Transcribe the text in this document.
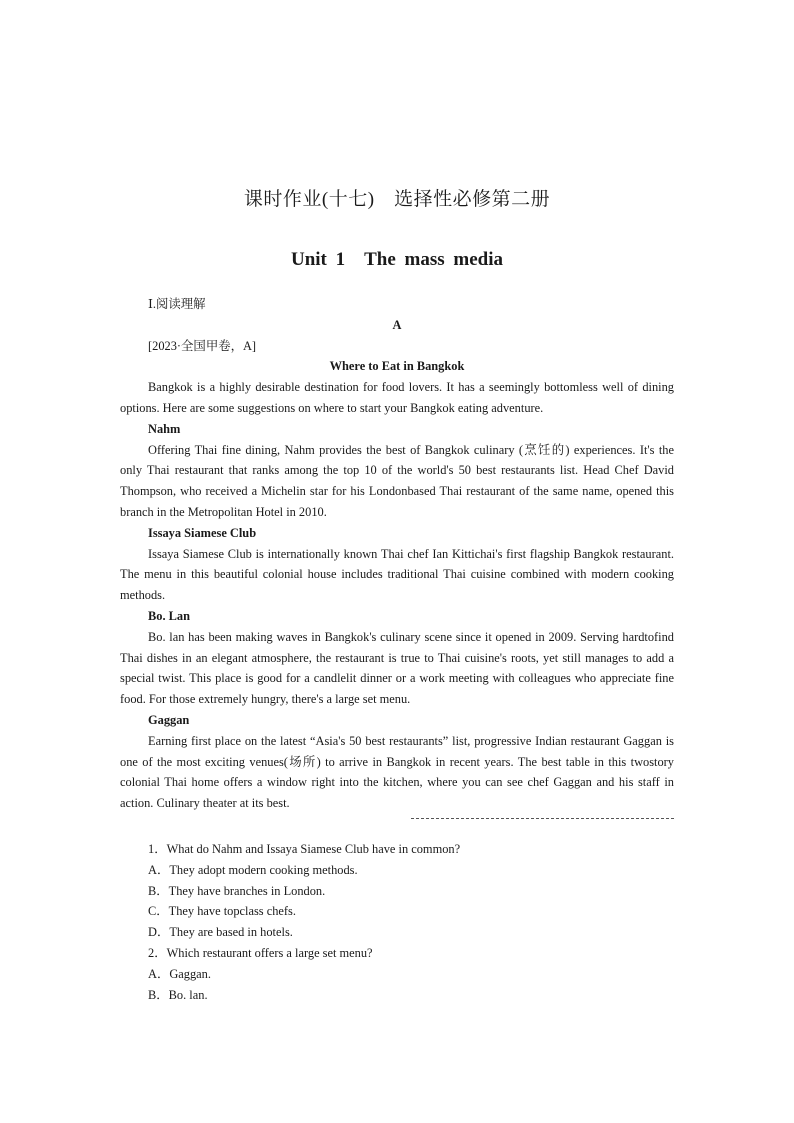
课时作业(十七)　选择性必修第二册
Unit 1　The mass media
Ⅰ.阅读理解
A
[2023·全国甲卷，A]
Where to Eat in Bangkok
Bangkok is a highly desirable destination for food lovers. It has a seemingly bottomless well of dining options. Here are some suggestions on where to start your Bangkok eating adventure.
Nahm
Offering Thai fine dining, Nahm provides the best of Bangkok culinary (烹饪的) experiences. It's the only Thai restaurant that ranks among the top 10 of the world's 50 best restaurants list. Head Chef David Thompson, who received a Michelin star for his Londonbased Thai restaurant of the same name, opened this branch in the Metropolitan Hotel in 2010.
Issaya Siamese Club
Issaya Siamese Club is internationally known Thai chef Ian Kittichai's first flagship Bangkok restaurant. The menu in this beautiful colonial house includes traditional Thai cuisine combined with modern cooking methods.
Bo. Lan
Bo. lan has been making waves in Bangkok's culinary scene since it opened in 2009. Serving hardtofind Thai dishes in an elegant atmosphere, the restaurant is true to Thai cuisine's roots, yet still manages to add a special twist. This place is good for a candlelit dinner or a work meeting with colleagues who appreciate fine food. For those extremely hungry, there's a large set menu.
Gaggan
Earning first place on the latest “Asia's 50 best restaurants” list, progressive Indian restaurant Gaggan is one of the most exciting venues(场所) to arrive in Bangkok in recent years. The best table in this twostory colonial Thai home offers a window right into the kitchen, where you can see chef Gaggan and his staff in action. Culinary theater at its best.
1．What do Nahm and Issaya Siamese Club have in common?
A．They adopt modern cooking methods.
B．They have branches in London.
C．They have topclass chefs.
D．They are based in hotels.
2．Which restaurant offers a large set menu?
A．Gaggan.
B．Bo. lan.
